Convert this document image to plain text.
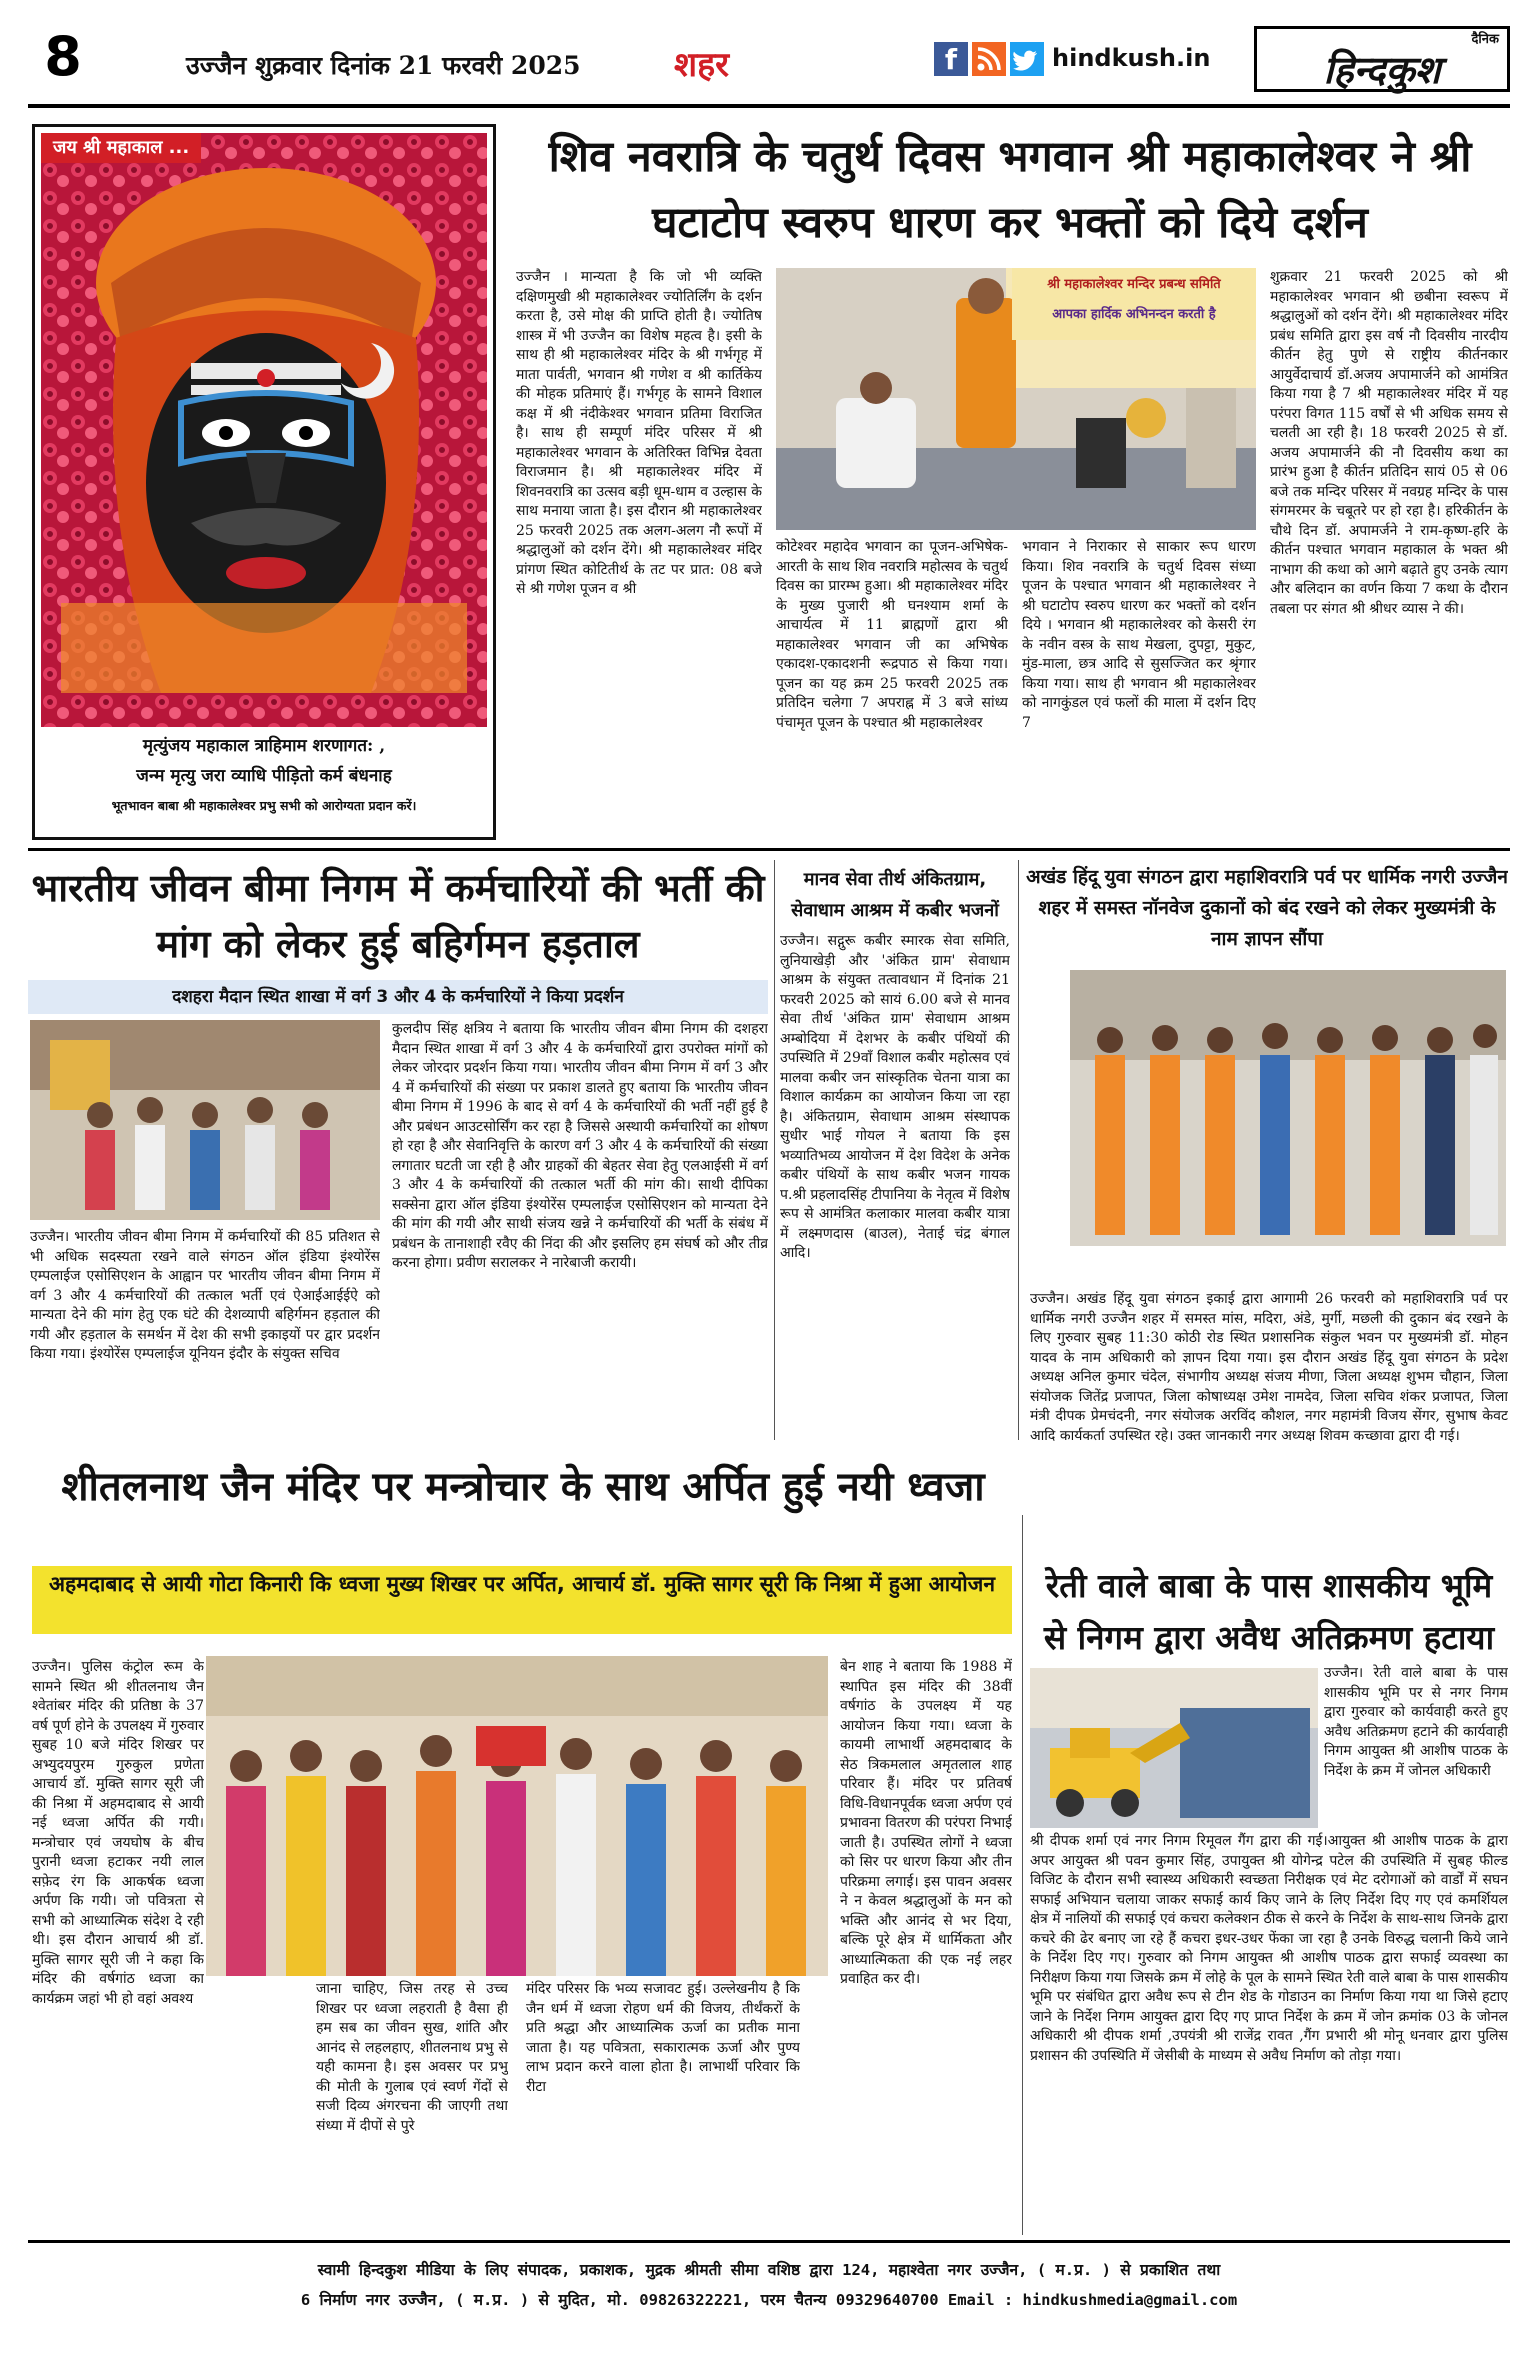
8	उज्जैन शुक्रवार दिनांक 21 फरवरी 2025	शहर	f	hindkush.in
दैनिक
हिन्दकुश
जय श्री महाकाल ...
मृत्युंजय महाकाल त्राहिमाम शरणागत: ,
जन्म मृत्यु जरा व्याधि पीड़ितो कर्म बंधनाह
भूतभावन बाबा श्री महाकालेश्वर प्रभु सभी को आरोग्यता प्रदान करें।
शिव नवरात्रि के चतुर्थ दिवस भगवान श्री महाकालेश्वर ने श्री घटाटोप स्वरुप धारण कर भक्तों को दिये दर्शन
उज्जैन । मान्यता है कि जो भी व्यक्ति दक्षिणमुखी श्री महाकालेश्वर ज्योतिर्लिंग के दर्शन करता है, उसे मोक्ष की प्राप्ति होती है। ज्योतिष शास्त्र में भी उज्जैन का विशेष महत्व है। इसी के साथ ही श्री महाकालेश्वर मंदिर के श्री गर्भगृह में माता पार्वती, भगवान श्री गणेश व श्री कार्तिकेय की मोहक प्रतिमाएं हैं। गर्भगृह के सामने विशाल कक्ष में श्री नंदीकेश्वर भगवान प्रतिमा विराजित है। साथ ही सम्पूर्ण मंदिर परिसर में श्री महाकालेश्वर भगवान के अतिरिक्त विभिन्न देवता विराजमान है। श्री महाकालेश्वर मंदिर में शिवनवरात्रि का उत्सव बड़ी धूम-धाम व उल्हास के साथ मनाया जाता है। इस दौरान श्री महाकालेश्वर 25 फरवरी 2025 तक अलग-अलग नौ रूपों में श्रद्धालुओं को दर्शन देंगे। श्री महाकालेश्वर मंदिर प्रांगण स्थित कोटितीर्थ के तट पर प्रात: 08 बजे से श्री गणेश पूजन व श्री
श्री महाकालेश्वर मन्दिर प्रबन्ध समिति
आपका हार्दिक अभिनन्दन करती है
कोटेश्वर महादेव भगवान का पूजन-अभिषेक-आरती के साथ शिव नवरात्रि महोत्सव के चतुर्थ दिवस का प्रारम्भ हुआ। श्री महाकालेश्वर मंदिर के मुख्य पुजारी श्री घनश्याम शर्मा के आचार्यत्व में 11 ब्राह्मणों द्वारा श्री महाकालेश्वर भगवान जी का अभिषेक एकादश-एकादशनी रूद्रपाठ से किया गया। पूजन का यह क्रम 25 फरवरी 2025 तक प्रतिदिन चलेगा 7 अपराह्न में 3 बजे सांध्य पंचामृत पूजन के पश्चात श्री महाकालेश्वर
भगवान ने निराकार से साकार रूप धारण किया। शिव नवरात्रि के चतुर्थ दिवस संध्या पूजन के पश्चात भगवान श्री महाकालेश्वर ने श्री घटाटोप स्वरुप धारण कर भक्तों को दर्शन दिये । भगवान श्री महाकालेश्वर को केसरी रंग के नवीन वस्त्र के साथ मेखला, दुपट्टा, मुकुट, मुंड-माला, छत्र आदि से सुसज्जित कर श्रृंगार किया गया। साथ ही भगवान श्री महाकालेश्वर को नागकुंडल एवं फलों की माला में दर्शन दिए 7
शुक्रवार 21 फरवरी 2025 को श्री महाकालेश्वर भगवान श्री छबीना स्वरूप में श्रद्धालुओं को दर्शन देंगे। श्री महाकालेश्वर मंदिर प्रबंध समिति द्वारा इस वर्ष नौ दिवसीय नारदीय कीर्तन हेतु पुणे से राष्ट्रीय कीर्तनकार आयुर्वेदाचार्य डॉ.अजय अपामार्जने को आमंत्रित किया गया है 7 श्री महाकालेश्वर मंदिर में यह परंपरा विगत 115 वर्षों से भी अधिक समय से चलती आ रही है। 18 फरवरी 2025 से डॉ. अजय अपामार्जने की नौ दिवसीय कथा का प्रारंभ हुआ है कीर्तन प्रतिदिन सायं 05 से 06 बजे तक मन्दिर परिसर में नवग्रह मन्दिर के पास संगमरमर के चबूतरे पर हो रहा है। हरिकीर्तन के चौथे दिन डॉ. अपामर्जने ने राम-कृष्ण-हरि के कीर्तन पश्चात भगवान महाकाल के भक्त श्री नाभाग की कथा को आगे बढ़ाते हुए उनके त्याग और बलिदान का वर्णन किया 7 कथा के दौरान तबला पर संगत श्री श्रीधर व्यास ने की।
भारतीय जीवन बीमा निगम में कर्मचारियों की भर्ती की मांग को लेकर हुई बहिर्गमन हड़ताल
दशहरा मैदान स्थित शाखा में वर्ग 3 और 4 के कर्मचारियों ने किया प्रदर्शन
उज्जैन। भारतीय जीवन बीमा निगम में कर्मचारियों की 85 प्रतिशत से भी अधिक सदस्यता रखने वाले संगठन ऑल इंडिया इंश्योरेंस एम्पलाईज एसोसिएशन के आह्वान पर भारतीय जीवन बीमा निगम में वर्ग 3 और 4 कर्मचारियों की तत्काल भर्ती एवं ऐआईआईईऐ को मान्यता देने की मांग हेतु एक घंटे की देशव्यापी बहिर्गमन हड़ताल की गयी और हड़ताल के समर्थन में देश की सभी इकाइयों पर द्वार प्रदर्शन किया गया। इंश्योरेंस एम्पलाईज यूनियन इंदौर के संयुक्त सचिव
कुलदीप सिंह क्षत्रिय ने बताया कि भारतीय जीवन बीमा निगम की दशहरा मैदान स्थित शाखा में वर्ग 3 और 4 के कर्मचारियों द्वारा उपरोक्त मांगों को लेकर जोरदार प्रदर्शन किया गया। भारतीय जीवन बीमा निगम में वर्ग 3 और 4 में कर्मचारियों की संख्या पर प्रकाश डालते हुए बताया कि भारतीय जीवन बीमा निगम में 1996 के बाद से वर्ग 4 के कर्मचारियों की भर्ती नहीं हुई है और प्रबंधन आउटसोर्सिंग कर रहा है जिससे अस्थायी कर्मचारियों का शोषण हो रहा है और सेवानिवृत्ति के कारण वर्ग 3 और 4 के कर्मचारियों की संख्या लगातार घटती जा रही है और ग्राहकों की बेहतर सेवा हेतु एलआईसी में वर्ग 3 और 4 के कर्मचारियों की तत्काल भर्ती की मांग की। साथी दीपिका सक्सेना द्वारा ऑल इंडिया इंश्योरेंस एम्पलाईज एसोसिएशन को मान्यता देने की मांग की गयी और साथी संजय खन्ने ने कर्मचारियों की भर्ती के संबंध में प्रबंधन के तानाशाही रवैए की निंदा की और इसलिए हम संघर्ष को और तीव्र करना होगा। प्रवीण सरालकर ने नारेबाजी करायी।
मानव सेवा तीर्थ अंकितग्राम, सेवाधाम आश्रम में कबीर भजनों
उज्जैन। सद्गुरू कबीर स्मारक सेवा समिति, लुनियाखेड़ी और 'अंकित ग्राम' सेवाधाम आश्रम के संयुक्त तत्वावधान में दिनांक 21 फरवरी 2025 को सायं 6.00 बजे से मानव सेवा तीर्थ 'अंकित ग्राम' सेवाधाम आश्रम अम्बोदिया में देशभर के कबीर पंथियों की उपस्थिति में 29वाँ विशाल कबीर महोत्सव एवं मालवा कबीर जन सांस्कृतिक चेतना यात्रा का विशाल कार्यक्रम का आयोजन किया जा रहा है। अंकितग्राम, सेवाधाम आश्रम संस्थापक सुधीर भाई गोयल ने बताया कि इस भव्यातिभव्य आयोजन में देश विदेश के अनेक कबीर पंथियों के साथ कबीर भजन गायक प.श्री प्रहलादसिंह टीपानिया के नेतृत्व में विशेष रूप से आमंत्रित कलाकार मालवा कबीर यात्रा में लक्ष्मणदास (बाउल), नेताई चंद्र बंगाल आदि।
अखंड हिंदू युवा संगठन द्वारा महाशिवरात्रि पर्व पर धार्मिक नगरी उज्जैन शहर में समस्त नॉनवेज दुकानों को बंद रखने को लेकर मुख्यमंत्री के नाम ज्ञापन सौंपा
उज्जैन। अखंड हिंदू युवा संगठन इकाई द्वारा आगामी 26 फरवरी को महाशिवरात्रि पर्व पर धार्मिक नगरी उज्जैन शहर में समस्त मांस, मदिरा, अंडे, मुर्गी, मछली की दुकान बंद रखने के लिए गुरुवार सुबह 11:30 कोठी रोड स्थित प्रशासनिक संकुल भवन पर मुख्यमंत्री डॉ. मोहन यादव के नाम अधिकारी को ज्ञापन दिया गया। इस दौरान अखंड हिंदू युवा संगठन के प्रदेश अध्यक्ष अनिल कुमार चंदेल, संभागीय अध्यक्ष संजय मीणा, जिला अध्यक्ष शुभम चौहान, जिला संयोजक जितेंद्र प्रजापत, जिला कोषाध्यक्ष उमेश नामदेव, जिला सचिव शंकर प्रजापत, जिला मंत्री दीपक प्रेमचंदनी, नगर संयोजक अरविंद कौशल, नगर महामंत्री विजय सेंगर, सुभाष केवट आदि कार्यकर्ता उपस्थित रहे। उक्त जानकारी नगर अध्यक्ष शिवम कच्छावा द्वारा दी गई।
शीतलनाथ जैन मंदिर पर मन्त्रोचार के साथ अर्पित हुई नयी ध्वजा
अहमदाबाद से आयी गोटा किनारी कि ध्वजा मुख्य शिखर पर अर्पित, आचार्य डॉ. मुक्ति सागर सूरी कि निश्रा में हुआ आयोजन
उज्जैन। पुलिस कंट्रोल रूम के सामने स्थित श्री शीतलनाथ जैन श्वेतांबर मंदिर की प्रतिष्ठा के 37 वर्ष पूर्ण होने के उपलक्ष्य में गुरुवार सुबह 10 बजे मंदिर शिखर पर अभ्युदयपुरम गुरुकुल प्रणेता आचार्य डॉ. मुक्ति सागर सूरी जी की निश्रा में अहमदाबाद से आयी नई ध्वजा अर्पित की गयी। मन्त्रोचार एवं जयघोष के बीच पुरानी ध्वजा हटाकर नयी लाल सफ़ेद रंग कि आकर्षक ध्वजा अर्पण कि गयी। जो पवित्रता से सभी को आध्यात्मिक संदेश दे रही थी। इस दौरान आचार्य श्री डॉ. मुक्ति सागर सूरी जी ने कहा कि मंदिर की वर्षगांठ ध्वजा का कार्यक्रम जहां भी हो वहां अवश्य
जाना चाहिए, जिस तरह से उच्च शिखर पर ध्वजा लहराती है वैसा ही हम सब का जीवन सुख, शांति और आनंद से लहलहाए, शीतलनाथ प्रभु से यही कामना है। इस अवसर पर प्रभु की मोती के गुलाब एवं स्वर्ण गेंदों से सजी दिव्य अंगरचना की जाएगी तथा संध्या में दीपों से पुरे
मंदिर परिसर कि भव्य सजावट हुई। उल्लेखनीय है कि जैन धर्म में ध्वजा रोहण धर्म की विजय, तीर्थंकरों के प्रति श्रद्धा और आध्यात्मिक ऊर्जा का प्रतीक माना जाता है। यह पवित्रता, सकारात्मक ऊर्जा और पुण्य लाभ प्रदान करने वाला होता है। लाभार्थी परिवार कि रीटा
बेन शाह ने बताया कि 1988 में स्थापित इस मंदिर की 38वीं वर्षगांठ के उपलक्ष्य में यह आयोजन किया गया। ध्वजा के कायमी लाभार्थी अहमदाबाद के सेठ त्रिकमलाल अमृतलाल शाह परिवार हैं। मंदिर पर प्रतिवर्ष विधि-विधानपूर्वक ध्वजा अर्पण एवं प्रभावना वितरण की परंपरा निभाई जाती है। उपस्थित लोगों ने ध्वजा को सिर पर धारण किया और तीन परिक्रमा लगाई। इस पावन अवसर ने न केवल श्रद्धालुओं के मन को भक्ति और आनंद से भर दिया, बल्कि पूरे क्षेत्र में धार्मिकता और आध्यात्मिकता की एक नई लहर प्रवाहित कर दी।
रेती वाले बाबा के पास शासकीय भूमि से निगम द्वारा अवैध अतिक्रमण हटाया
उज्जैन। रेती वाले बाबा के पास शासकीय भूमि पर से नगर निगम द्वारा गुरुवार को कार्यवाही करते हुए अवैध अतिक्रमण हटाने की कार्यवाही निगम आयुक्त श्री आशीष पाठक के निर्देश के क्रम में जोनल अधिकारी
श्री दीपक शर्मा एवं नगर निगम रिमूवल गैंग द्वारा की गई।आयुक्त श्री आशीष पाठक के द्वारा अपर आयुक्त श्री पवन कुमार सिंह, उपायुक्त श्री योगेन्द्र पटेल की उपस्थिति में सुबह फील्ड विजिट के दौरान सभी स्वास्थ्य अधिकारी स्वच्छता निरीक्षक एवं मेट दरोगाओं को वार्डों में सघन सफाई अभियान चलाया जाकर सफाई कार्य किए जाने के लिए निर्देश दिए गए एवं कमर्शियल क्षेत्र में नालियों की सफाई एवं कचरा कलेक्शन ठीक से करने के निर्देश के साथ-साथ जिनके द्वारा कचरे की ढेर बनाए जा रहे हैं कचरा इधर-उधर फेंका जा रहा है उनके विरुद्ध चलानी किये जाने के निर्देश दिए गए। गुरुवार को निगम आयुक्त श्री आशीष पाठक द्वारा सफाई व्यवस्था का निरीक्षण किया गया जिसके क्रम में लोहे के पूल के सामने स्थित रेती वाले बाबा के पास शासकीय भूमि पर संबंधित द्वारा अवैध रूप से टीन शेड के गोडाउन का निर्माण किया गया था जिसे हटाए जाने के निर्देश निगम आयुक्त द्वारा दिए गए प्राप्त निर्देश के क्रम में जोन क्रमांक 03 के जोनल अधिकारी श्री दीपक शर्मा ,उपयंत्री श्री राजेंद्र रावत ,गैंग प्रभारी श्री मोनू धनवार द्वारा पुलिस प्रशासन की उपस्थिति में जेसीबी के माध्यम से अवैध निर्माण को तोड़ा गया।
स्वामी हिन्दकुश मीडिया के लिए संपादक, प्रकाशक, मुद्रक श्रीमती सीमा वशिष्ठ द्वारा 124, महाश्वेता नगर उज्जैन, ( म.प्र. ) से प्रकाशित तथा
6 निर्माण नगर उज्जैन, ( म.प्र. ) से मुदित, मो. 09826322221, परम चैतन्य 09329640700 Email : hindkushmedia@gmail.com
